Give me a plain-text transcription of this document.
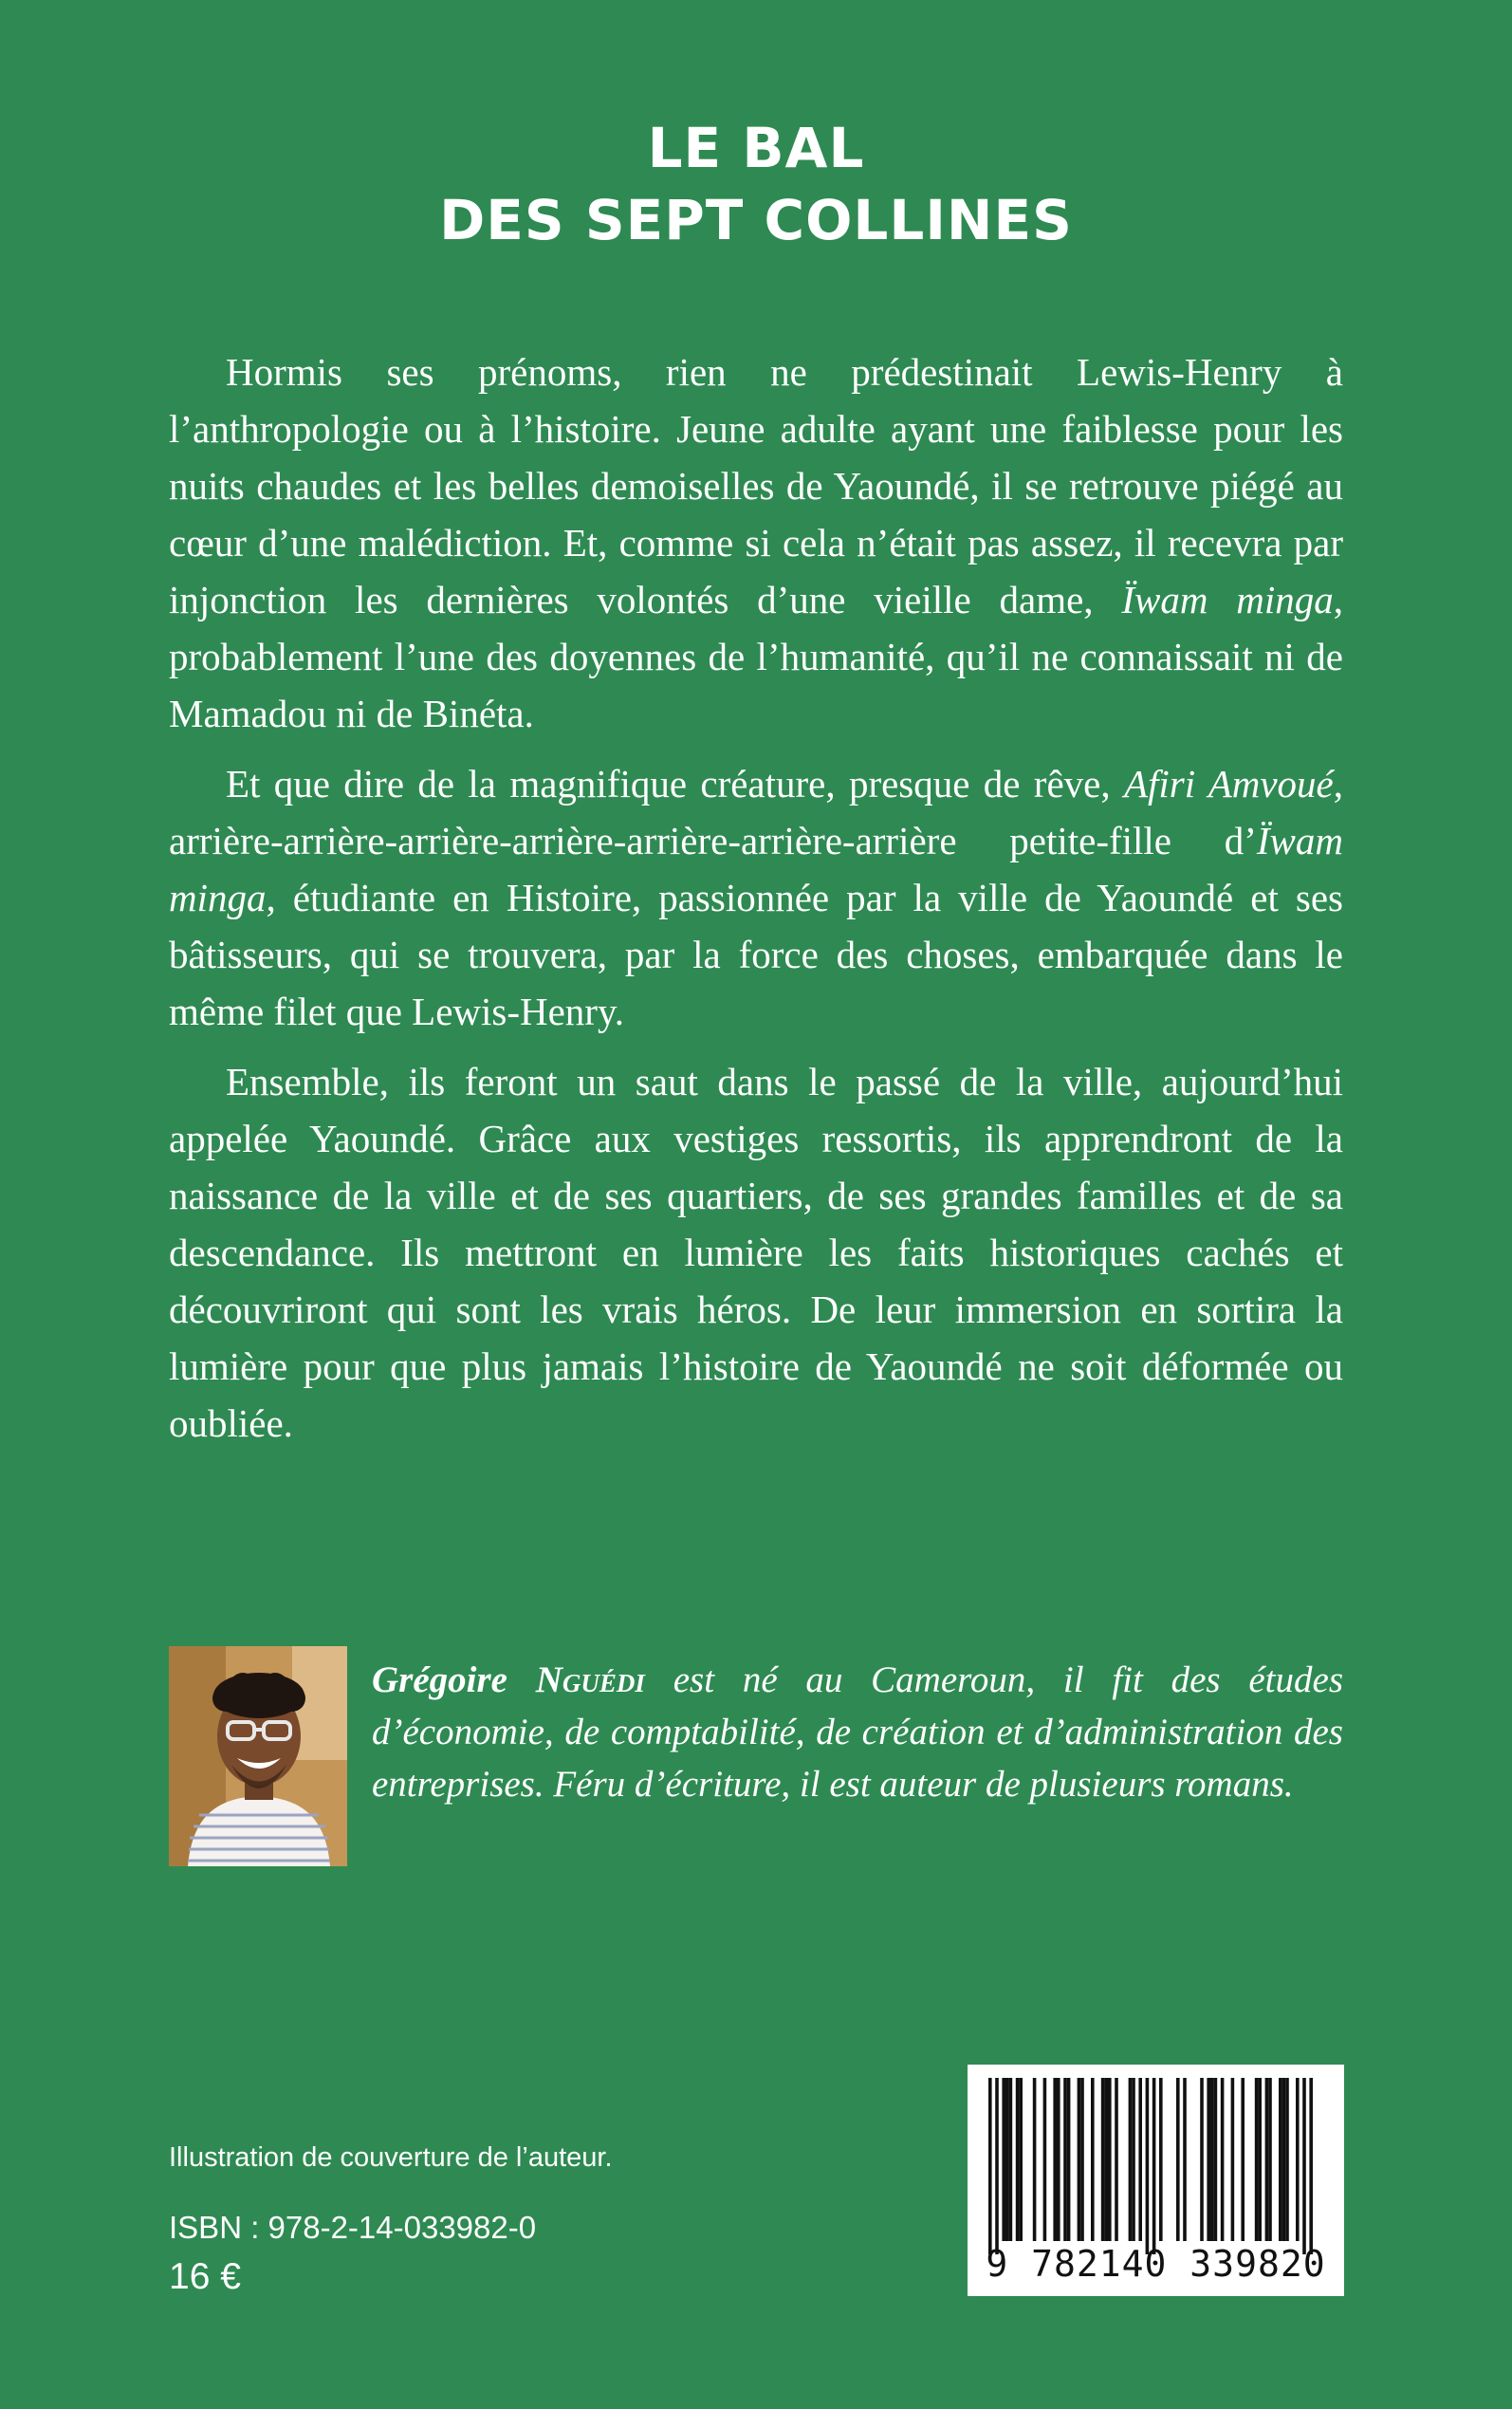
LE BAL
DES SEPT COLLINES

Hormis ses prénoms, rien ne prédestinait Lewis-Henry à l’anthropologie ou à l’histoire. Jeune adulte ayant une faiblesse pour les nuits chaudes et les belles demoiselles de Yaoundé, il se retrouve piégé au cœur d’une malédiction. Et, comme si cela n’était pas assez, il recevra par injonction les dernières volontés d’une vieille dame, Ïwam minga, probablement l’une des doyennes de l’humanité, qu’il ne connaissait ni de Mamadou ni de Binéta.

Et que dire de la magnifique créature, presque de rêve, Afiri Amvoué, arrière-arrière-arrière-arrière-arrière-arrière-arrière petite-fille d’Ïwam minga, étudiante en Histoire, passionnée par la ville de Yaoundé et ses bâtisseurs, qui se trouvera, par la force des choses, embarquée dans le même filet que Lewis-Henry.

Ensemble, ils feront un saut dans le passé de la ville, aujourd’hui appelée Yaoundé. Grâce aux vestiges ressortis, ils apprendront de la naissance de la ville et de ses quartiers, de ses grandes familles et de sa descendance. Ils mettront en lumière les faits historiques cachés et découvriront qui sont les vrais héros. De leur immersion en sortira la lumière pour que plus jamais l’histoire de Yaoundé ne soit déformée ou oubliée.

Grégoire Nguédi est né au Cameroun, il fit des études d’économie, de comptabilité, de création et d’administration des entreprises. Féru d’écriture, il est auteur de plusieurs romans.

Illustration de couverture de l’auteur.

ISBN : 978-2-14-033982-0

16 €	9 782140 339820
